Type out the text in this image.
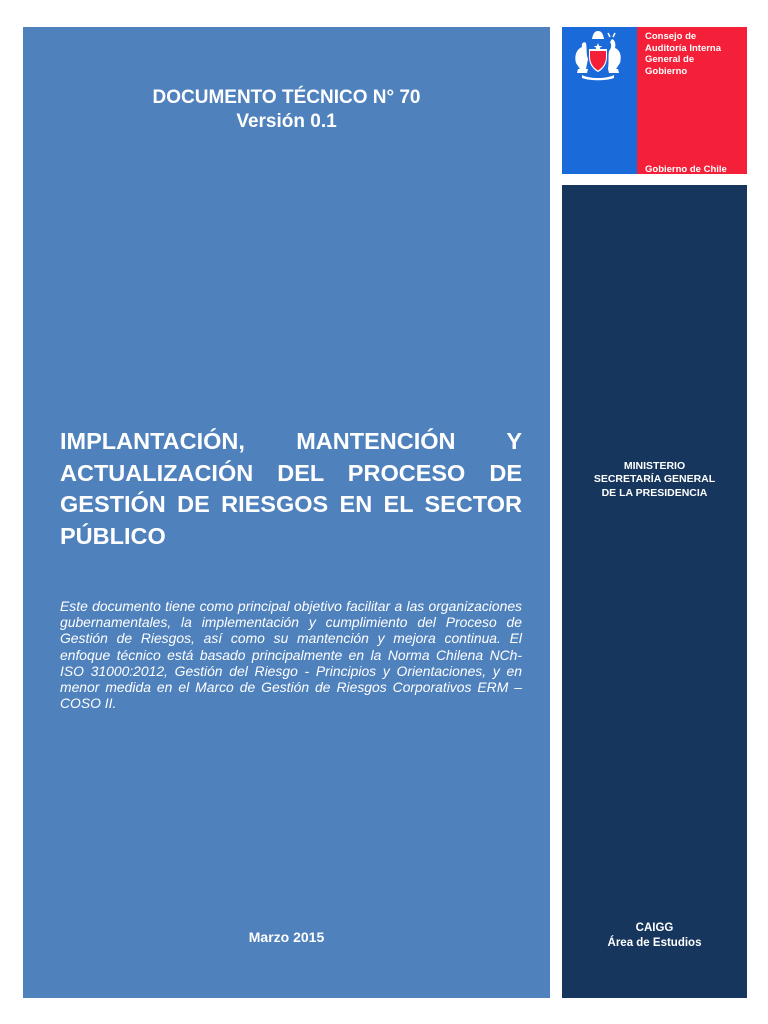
DOCUMENTO TÉCNICO N° 70
Versión 0.1
IMPLANTACIÓN, MANTENCIÓN Y ACTUALIZACIÓN DEL PROCESO DE GESTIÓN DE RIESGOS EN EL SECTOR PÚBLICO

Este documento tiene como principal objetivo facilitar a las organizaciones gubernamentales, la implementación y cumplimiento del Proceso de Gestión de Riesgos, así como su mantención y mejora continua. El enfoque técnico está basado principalmente en la Norma Chilena NCh-ISO 31000:2012, Gestión del Riesgo - Principios y Orientaciones, y en menor medida en el Marco de Gestión de Riesgos Corporativos ERM – COSO II.

Marzo 2015
Consejo de
Auditoría Interna
General de
Gobierno
Gobierno de Chile
MINISTERIO
SECRETARÍA GENERAL
DE LA PRESIDENCIA
CAIGG
Área de Estudios
